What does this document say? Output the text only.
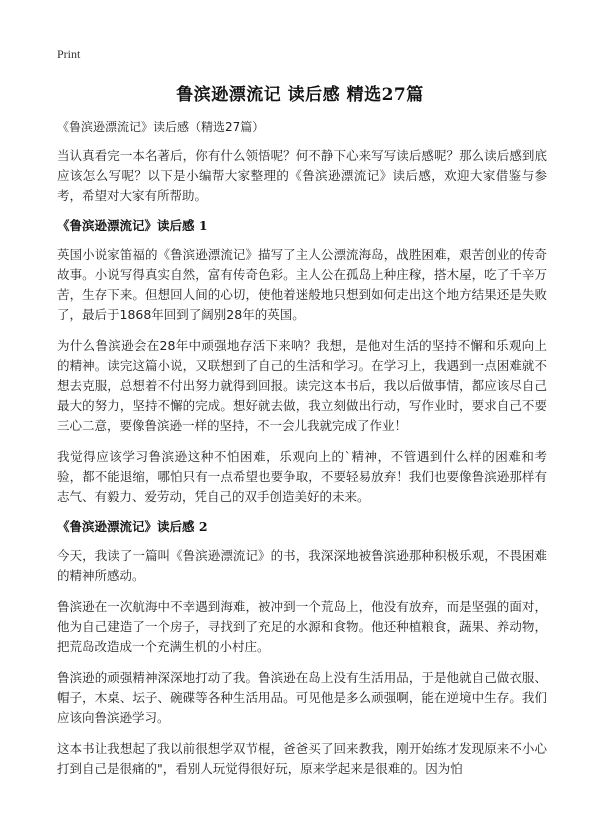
Print
鲁滨逊漂流记 读后感 精选27篇
《鲁滨逊漂流记》读后感（精选27篇）

当认真看完一本名著后，你有什么领悟呢？何不静下心来写写读后感呢？那么读后感到底应该怎么写呢？以下是小编帮大家整理的《鲁滨逊漂流记》读后感，欢迎大家借鉴与参考，希望对大家有所帮助。

《鲁滨逊漂流记》读后感 1

英国小说家笛福的《鲁滨逊漂流记》描写了主人公漂流海岛，战胜困难，艰苦创业的传奇故事。小说写得真实自然，富有传奇色彩。主人公在孤岛上种庄稼，搭木屋，吃了千辛万苦，生存下来。但想回人间的心切，使他着迷般地只想到如何走出这个地方结果还是失败了，最后于1868年回到了阔别28年的英国。

为什么鲁滨逊会在28年中顽强地存活下来呐？我想，是他对生活的坚持不懈和乐观向上的精神。读完这篇小说，又联想到了自己的生活和学习。在学习上，我遇到一点困难就不想去克服，总想着不付出努力就得到回报。读完这本书后，我以后做事情，都应该尽自己最大的努力，坚持不懈的完成。想好就去做，我立刻做出行动，写作业时，要求自己不要三心二意，要像鲁滨逊一样的坚持，不一会儿我就完成了作业！

我觉得应该学习鲁滨逊这种不怕困难，乐观向上的`精神，不管遇到什么样的困难和考验，都不能退缩，哪怕只有一点希望也要争取，不要轻易放弃！我们也要像鲁滨逊那样有志气、有毅力、爱劳动，凭自己的双手创造美好的未来。

《鲁滨逊漂流记》读后感 2

今天，我读了一篇叫《鲁滨逊漂流记》的书，我深深地被鲁滨逊那种积极乐观，不畏困难的精神所感动。

鲁滨逊在一次航海中不幸遇到海难，被冲到一个荒岛上，他没有放弃，而是坚强的面对，他为自己建造了一个房子，寻找到了充足的水源和食物。他还种植粮食，蔬果、养动物，把荒岛改造成一个充满生机的小村庄。

鲁滨逊的顽强精神深深地打动了我。鲁滨逊在岛上没有生活用品，于是他就自己做衣服、帽子，木桌、坛子、碗碟等各种生活用品。可见他是多么顽强啊，能在逆境中生存。我们应该向鲁滨逊学习。

这本书让我想起了我以前很想学双节棍，爸爸买了回来教我，刚开始练才发现原来不小心打到自己是很痛的"，看别人玩觉得很好玩，原来学起来是很难的。因为怕
